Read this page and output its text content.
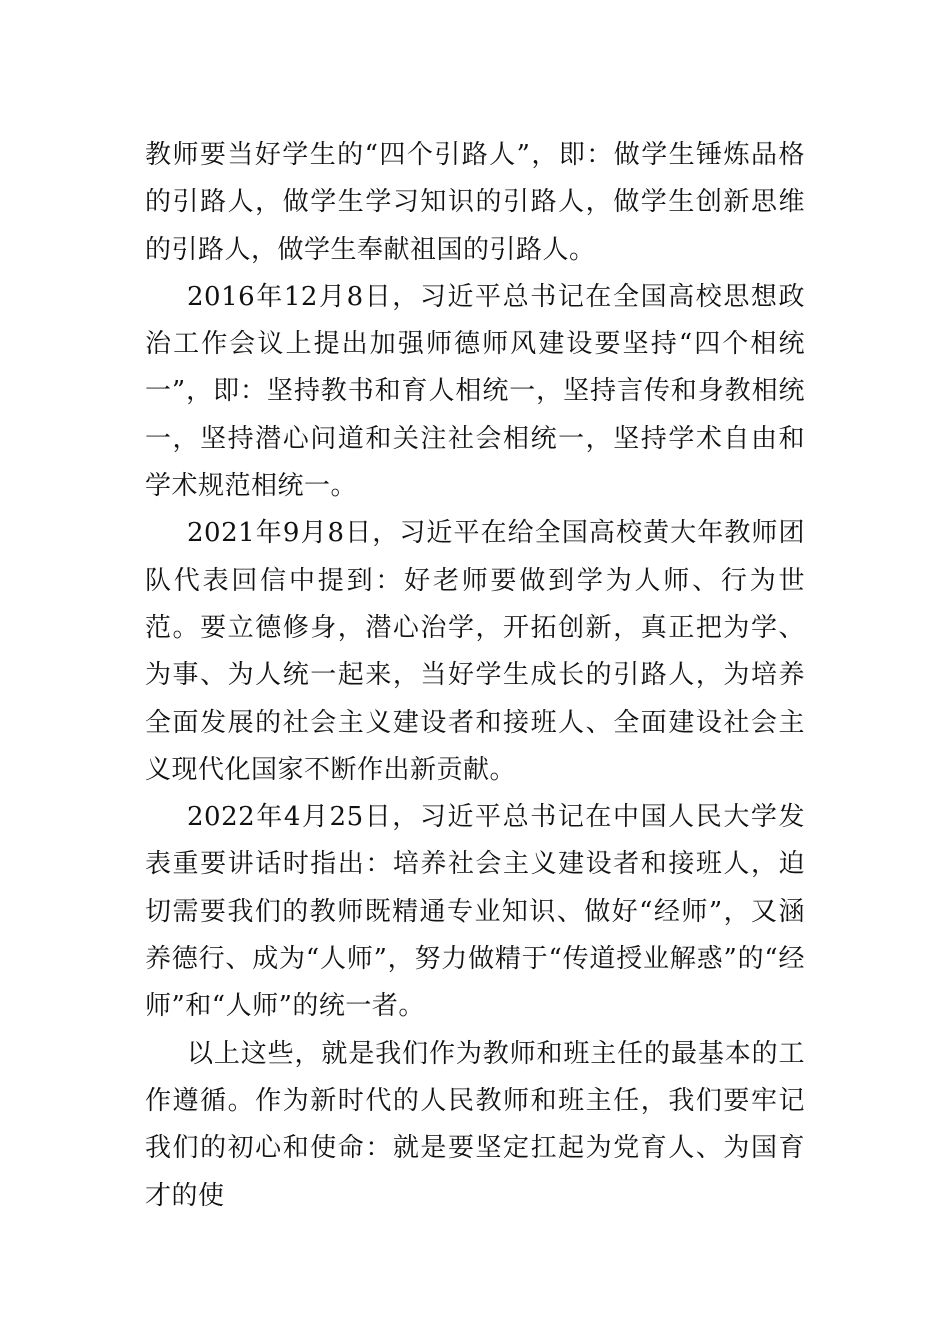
教师要当好学生的“四个引路人”，即：做学生锤炼品格的引路人，做学生学习知识的引路人，做学生创新思维的引路人，做学生奉献祖国的引路人。

2016年12月8日，习近平总书记在全国高校思想政治工作会议上提出加强师德师风建设要坚持“四个相统一”，即：坚持教书和育人相统一，坚持言传和身教相统一，坚持潜心问道和关注社会相统一，坚持学术自由和学术规范相统一。

2021年9月8日，习近平在给全国高校黄大年教师团队代表回信中提到：好老师要做到学为人师、行为世范。要立德修身，潜心治学，开拓创新，真正把为学、为事、为人统一起来，当好学生成长的引路人，为培养全面发展的社会主义建设者和接班人、全面建设社会主义现代化国家不断作出新贡献。

2022年4月25日，习近平总书记在中国人民大学发表重要讲话时指出：培养社会主义建设者和接班人，迫切需要我们的教师既精通专业知识、做好“经师”，又涵养德行、成为“人师”，努力做精于“传道授业解惑”的“经师”和“人师”的统一者。

以上这些，就是我们作为教师和班主任的最基本的工作遵循。作为新时代的人民教师和班主任，我们要牢记我们的初心和使命：就是要坚定扛起为党育人、为国育才的使
